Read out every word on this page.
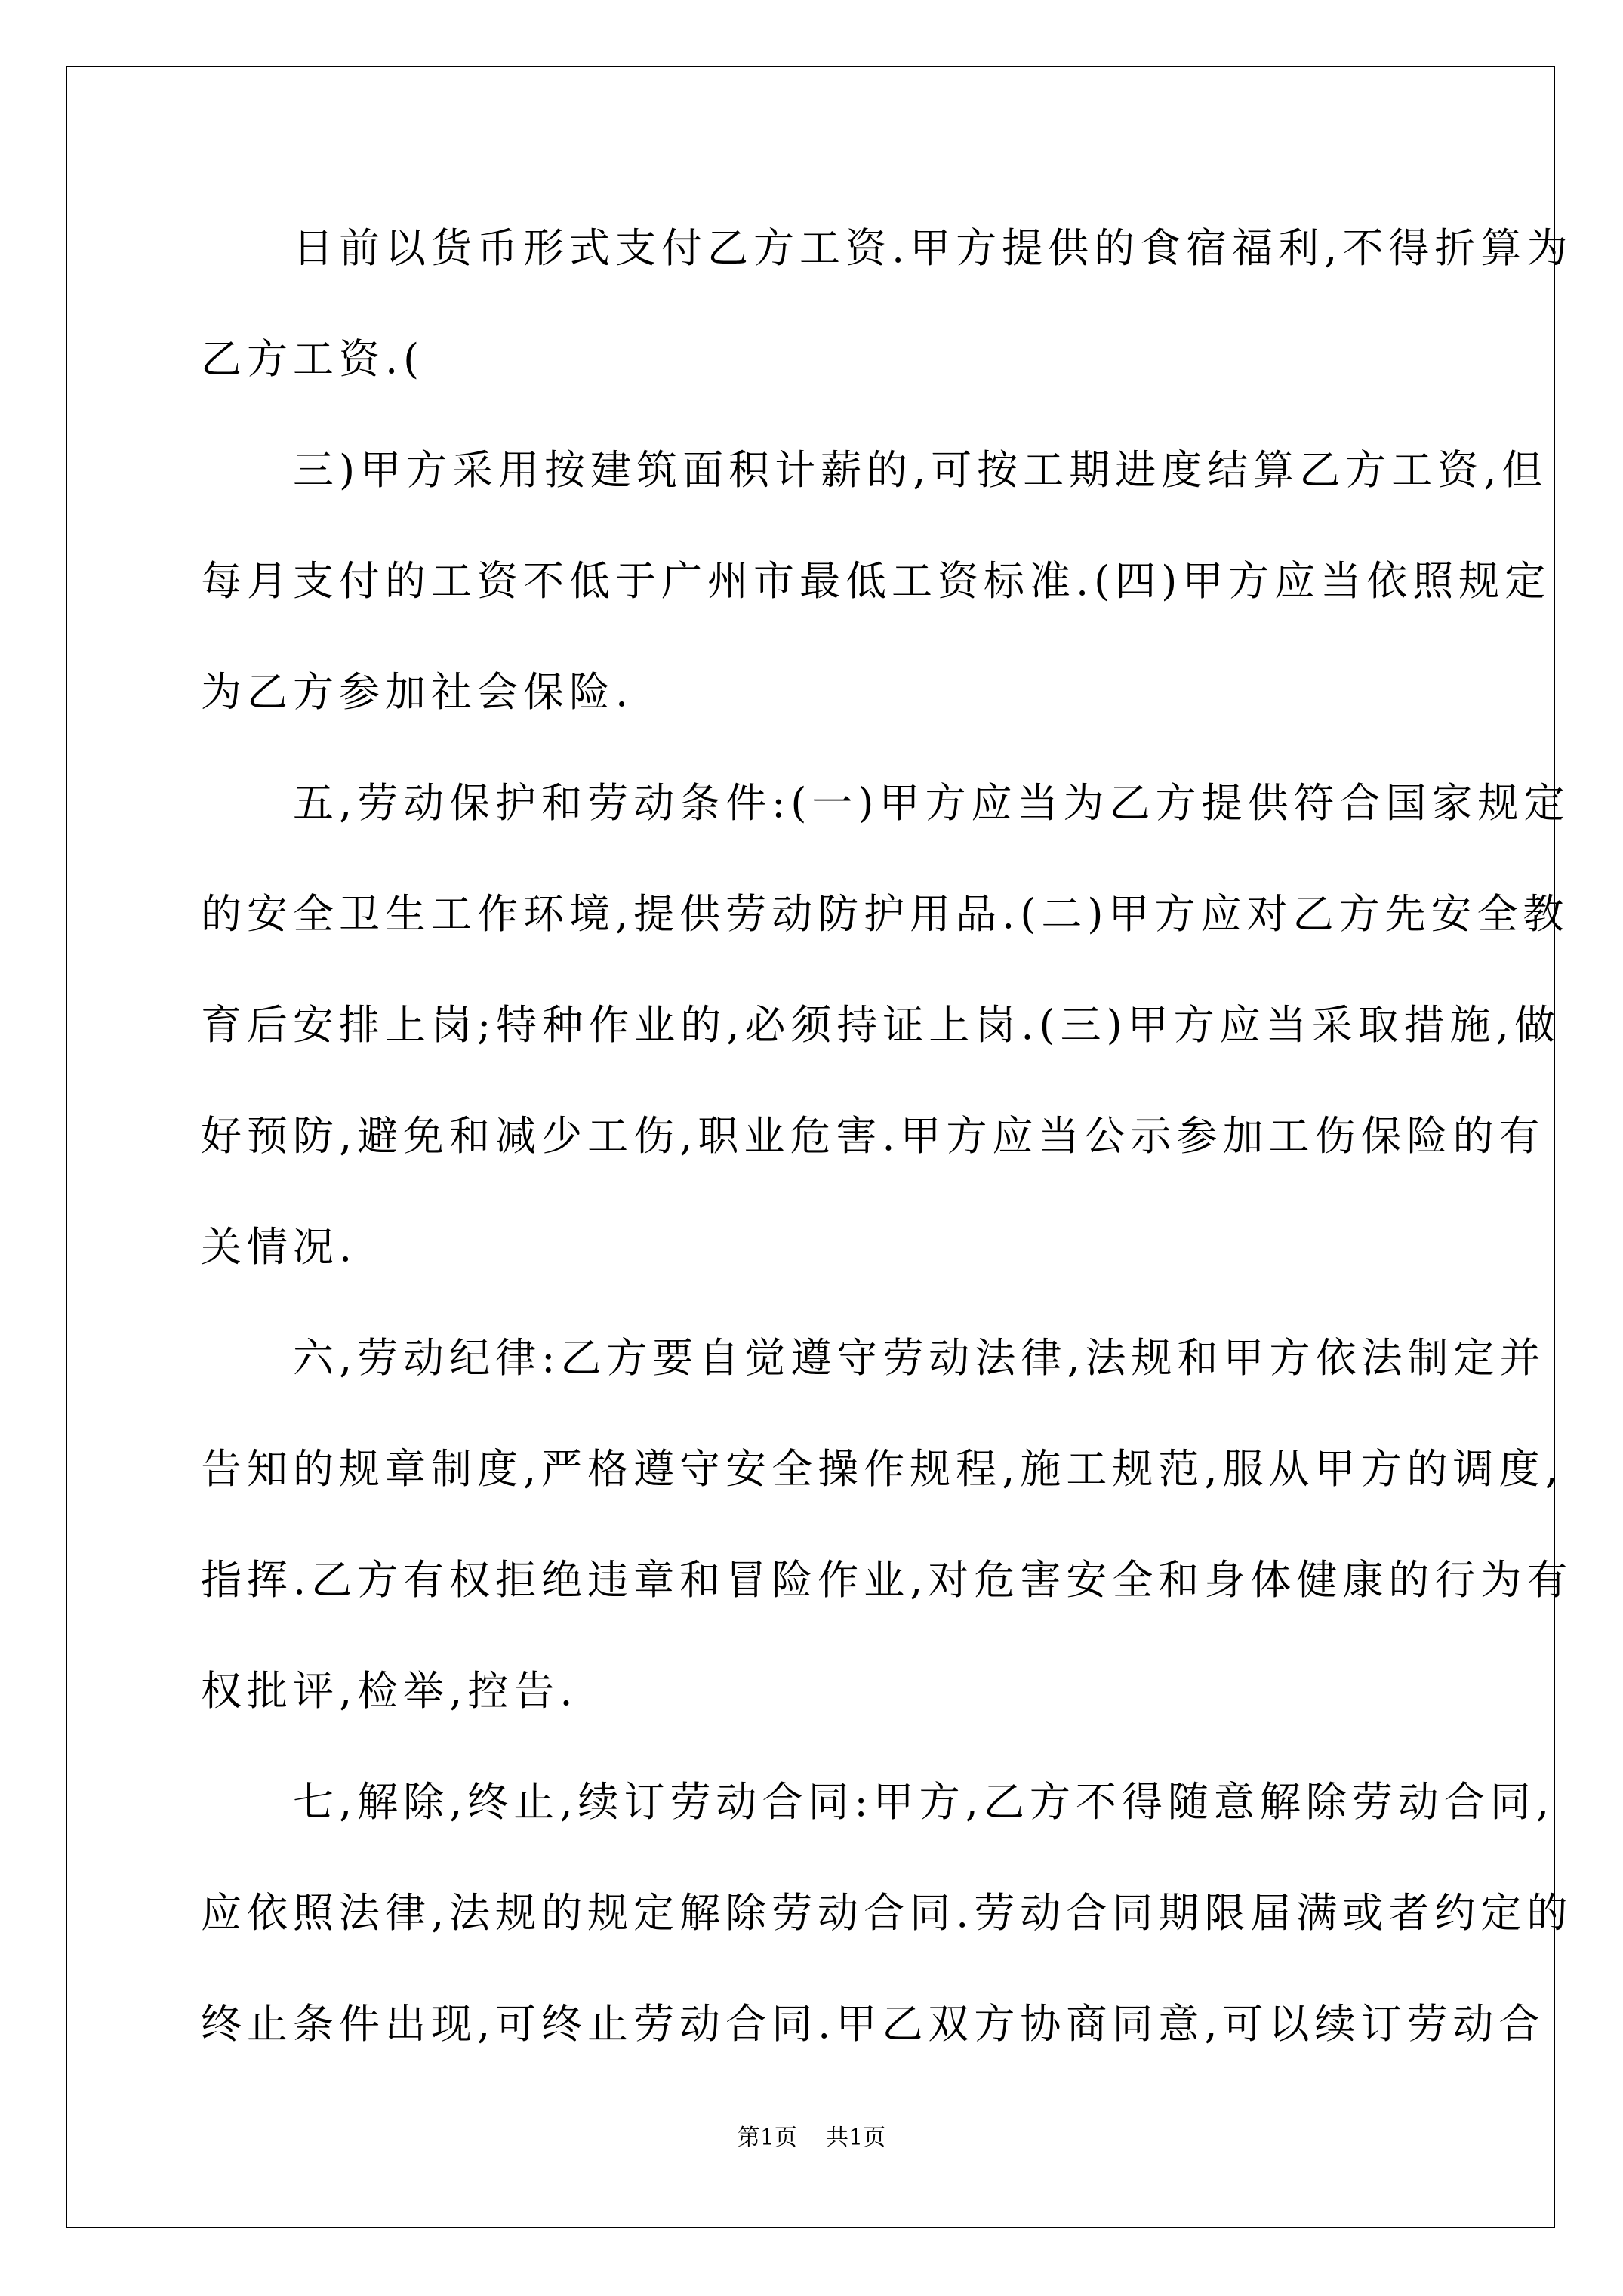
　　日前以货币形式支付乙方工资.甲方提供的食宿福利,不得折算为
乙方工资.(
　　三)甲方采用按建筑面积计薪的,可按工期进度结算乙方工资,但
每月支付的工资不低于广州市最低工资标准.(四)甲方应当依照规定
为乙方参加社会保险.
　　五,劳动保护和劳动条件:(一)甲方应当为乙方提供符合国家规定
的安全卫生工作环境,提供劳动防护用品.(二)甲方应对乙方先安全教
育后安排上岗;特种作业的,必须持证上岗.(三)甲方应当采取措施,做
好预防,避免和减少工伤,职业危害.甲方应当公示参加工伤保险的有
关情况.
　　六,劳动纪律:乙方要自觉遵守劳动法律,法规和甲方依法制定并
告知的规章制度,严格遵守安全操作规程,施工规范,服从甲方的调度,
指挥.乙方有权拒绝违章和冒险作业,对危害安全和身体健康的行为有
权批评,检举,控告.
　　七,解除,终止,续订劳动合同:甲方,乙方不得随意解除劳动合同,
应依照法律,法规的规定解除劳动合同.劳动合同期限届满或者约定的
终止条件出现,可终止劳动合同.甲乙双方协商同意,可以续订劳动合
第1页    共1页
